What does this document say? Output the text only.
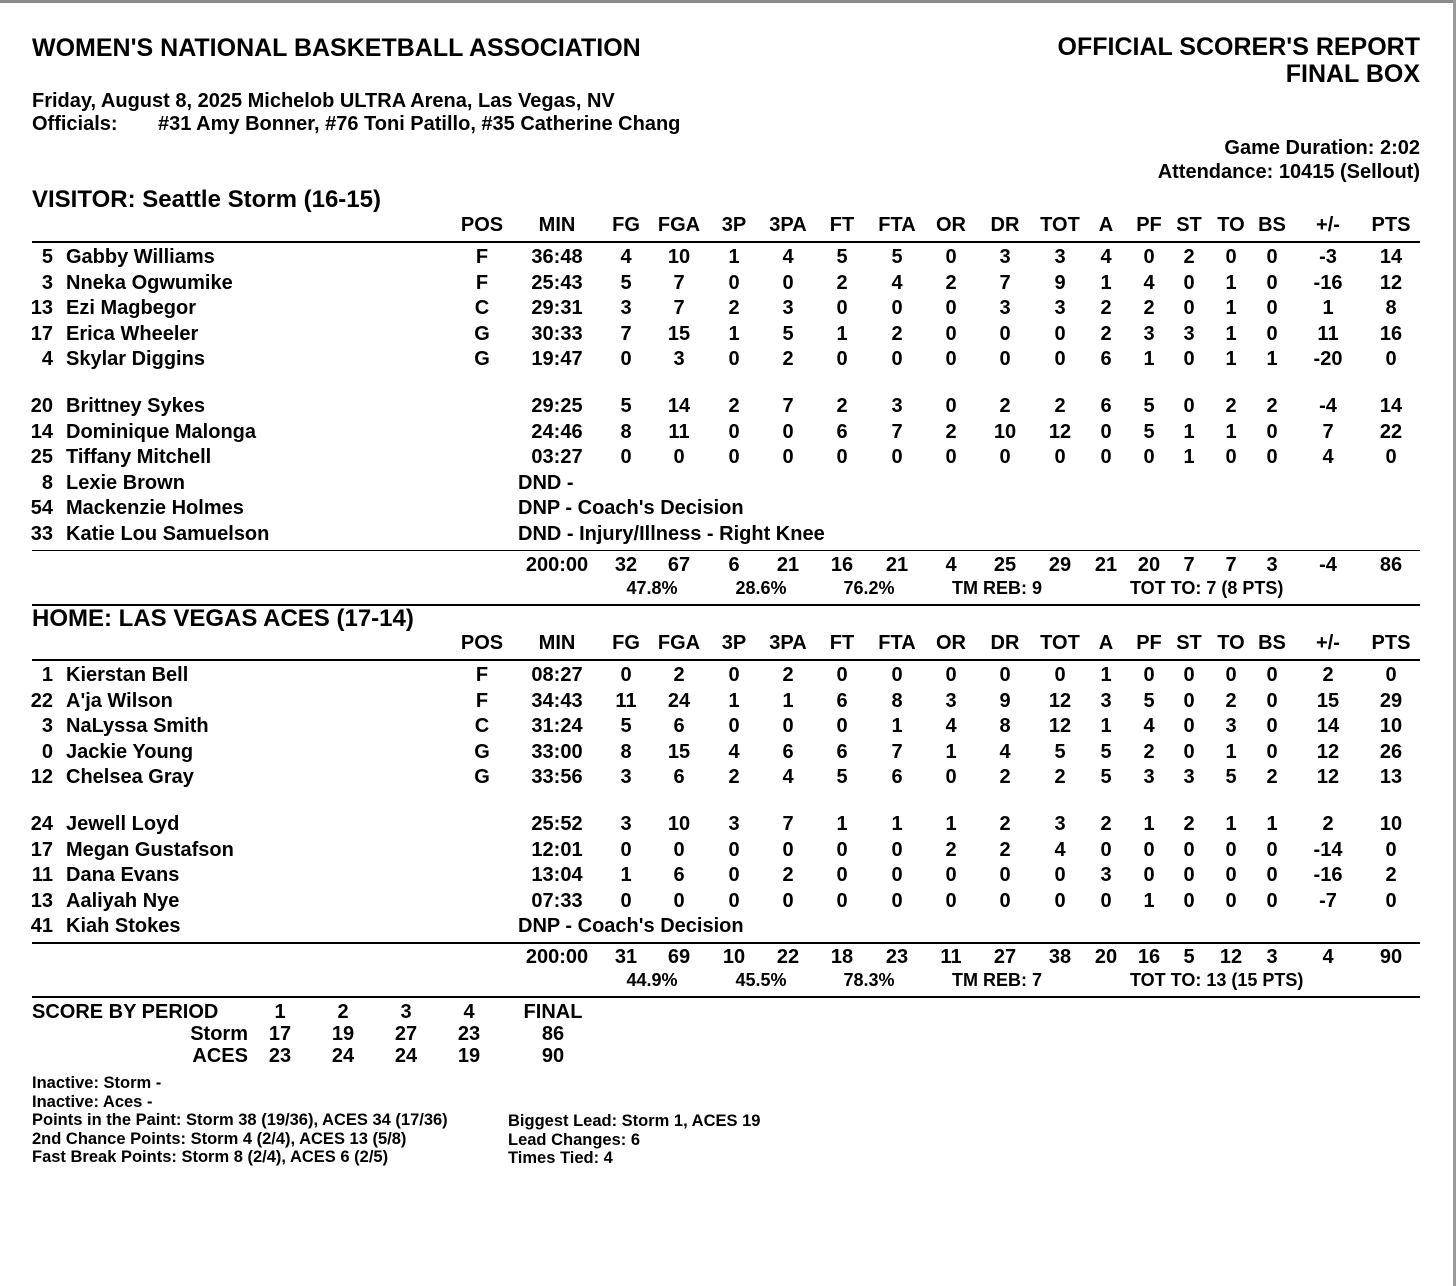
WOMEN'S NATIONAL BASKETBALL ASSOCIATION	OFFICIAL SCORER'S REPORT
FINAL BOX
Friday, August 8, 2025 Michelob ULTRA Arena, Las Vegas, NV
Officials: #31 Amy Bonner, #76 Toni Patillo, #35 Catherine Chang
Game Duration: 2:02
Attendance: 10415 (Sellout)
VISITOR: Seattle Storm (16-15)
POS MIN FG FGA 3P 3PA FT FTA OR DR TOT A PF ST TO BS +/- PTS
5 Gabby Williams	F 36:48 4 10 1 4 5 5 0 3 3 4 0 2 0 0 -3 14
3 Nneka Ogwumike	F 25:43 5 7 0 0 2 4 2 7 9 1 4 0 1 0 -16 12
13 Ezi Magbegor	C 29:31 3 7 2 3 0 0 0 3 3 2 2 0 1 0 1	8
17 Erica Wheeler	G 30:33 7 15 1 5 1 2 0 0 0 2 3 3 1 0 11 16
4 Skylar Diggins	G 19:47 0 3 0 2 0 0 0 0 0 6 1 0 1 1 -20 0
20 Brittney Sykes	29:25 5 14 2 7 2 3 0 2 2 6 5 0 2 2 -4 14
14 Dominique Malonga	24:46 8 11 0 0 6 7 2 10 12 0 5 1 1 0 7 22
25 Tiffany Mitchell	03:27 0 0 0 0 0 0 0 0 0 0 0 1 0 0 4	0
8 Lexie Brown	DND -
54 Mackenzie Holmes	DNP - Coach's Decision
33 Katie Lou Samuelson	DND - Injury/Illness - Right Knee
200:00 32 67 6 21 16 21 4 25 29 21 20 7 7 3 -4 86
47.8%	28.6%	76.2%	TM REB: 9	TOT TO: 7 (8 PTS)
HOME: LAS VEGAS ACES (17-14)
POS MIN FG FGA 3P 3PA FT FTA OR DR TOT A PF ST TO BS +/- PTS
1 Kierstan Bell	F 08:27 0 2 0 2 0 0 0 0 0 1 0 0 0 0 2	0
22 A'ja Wilson	F 34:43 11 24 1 1 6 8 3 9 12 3 5 0 2 0 15 29
3 NaLyssa Smith	C 31:24 5 6 0 0 0 1 4 8 12 1 4 0 3 0 14 10
0 Jackie Young	G 33:00 8 15 4 6 6 7 1 4 5 5 2 0 1 0 12 26
12 Chelsea Gray	G 33:56 3 6 2 4 5 6 0 2 2 5 3 3 5 2 12 13
24 Jewell Loyd	25:52 3 10 3 7 1 1 1 2 3 2 1 2 1 1 2 10
17 Megan Gustafson	12:01 0 0 0 0 0 0 2 2 4 0 0 0 0 0 -14 0
11 Dana Evans	13:04 1 6 0 2 0 0 0 0 0 3 0 0 0 0 -16 2
13 Aaliyah Nye	07:33 0 0 0 0 0 0 0 0 0 0 1 0 0 0 -7 0
41 Kiah Stokes	DNP - Coach's Decision
200:00 31 69 10 22 18 23 11 27 38 20 16 5 12 3 4 90
44.9%	45.5%	78.3%	TM REB: 7	TOT TO: 13 (15 PTS)
SCORE BY PERIOD	1	2	3	4 FINAL
Storm 17 19 27 23	86
ACES 23 24 24 19	90
Inactive: Storm -
Inactive: Aces -
Points in the Paint: Storm 38 (19/36), ACES 34 (17/36)
2nd Chance Points: Storm 4 (2/4), ACES 13 (5/8)
Fast Break Points: Storm 8 (2/4), ACES 6 (2/5)
Biggest Lead: Storm 1, ACES 19
Lead Changes: 6
Times Tied: 4
